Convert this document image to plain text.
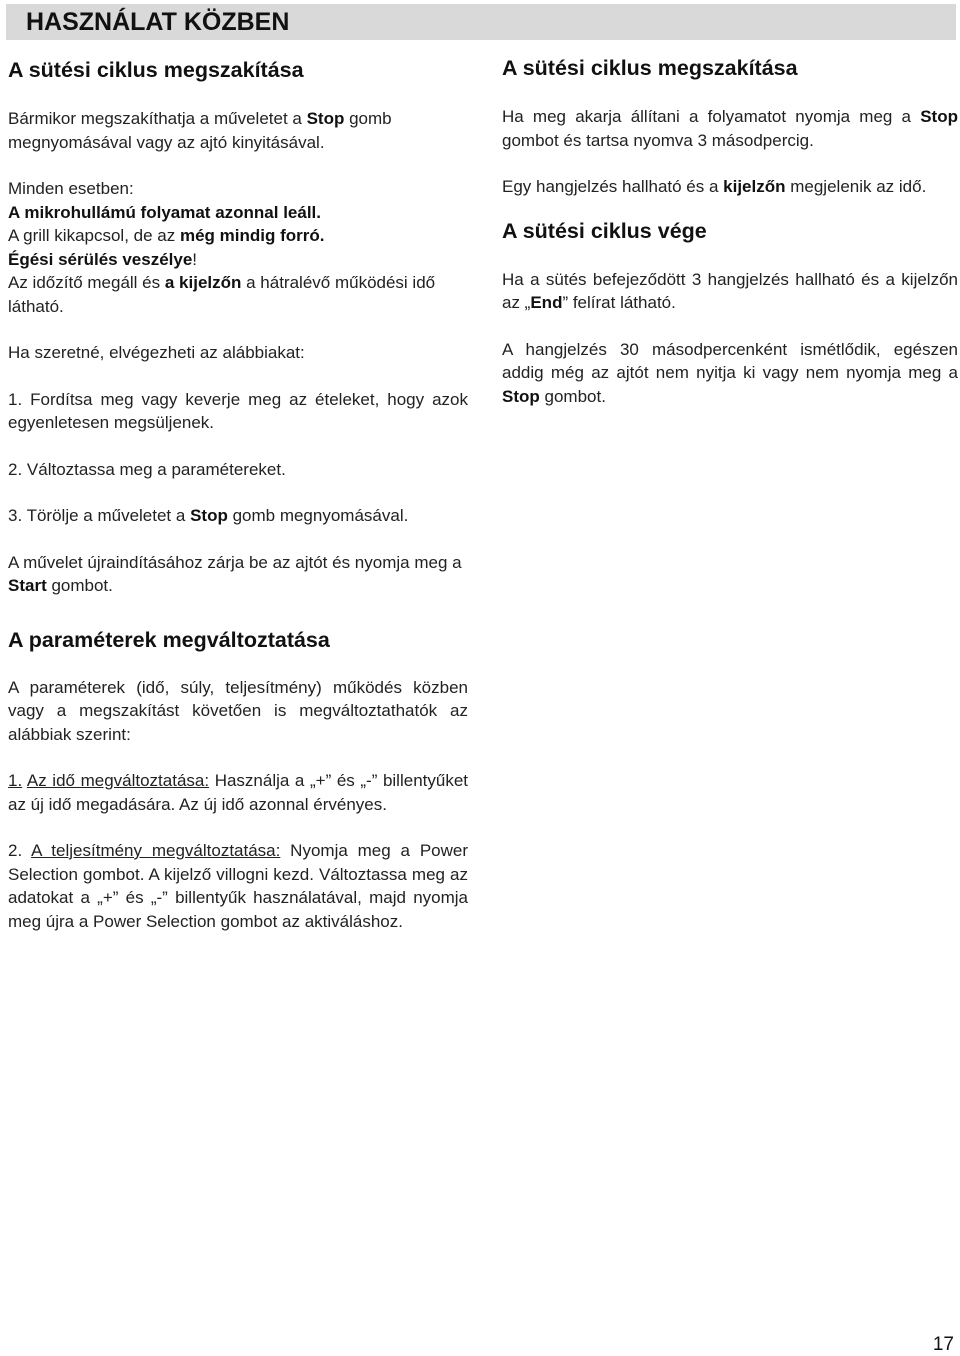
HASZNÁLAT KÖZBEN
A sütési ciklus megszakítása

Bármikor megszakíthatja a műveletet a Stop gomb megnyomásával vagy az ajtó kinyitásával.

Minden esetben:
A mikrohullámú folyamat azonnal leáll.
A grill kikapcsol, de az még mindig forró.
Égési sérülés veszélye!
Az időzítő megáll és a kijelzőn a hátralévő működési idő látható.

Ha szeretné, elvégezheti az alábbiakat:

1. Fordítsa meg vagy keverje meg az ételeket, hogy azok egyenletesen megsüljenek.

2. Változtassa meg a paramétereket.

3. Törölje a műveletet a Stop gomb megnyomásával.

A művelet újraindításához zárja be az ajtót és nyomja meg a Start gombot.

A paraméterek megváltoztatása

A paraméterek (idő, súly, teljesítmény) működés közben vagy a megszakítást követően is megváltoztathatók az alábbiak szerint:

1. Az idő megváltoztatása: Használja a „+” és „-” billentyűket az új idő megadására. Az új idő azonnal érvényes.

2. A teljesítmény megváltoztatása: Nyomja meg a Power Selection gombot. A kijelző villogni kezd. Változtassa meg az adatokat a „+” és „-” billentyűk használatával, majd nyomja meg újra a Power Selection gombot az aktiváláshoz.

A sütési ciklus megszakítása

Ha meg akarja állítani a folyamatot nyomja meg a Stop gombot és tartsa nyomva 3 másodpercig.

Egy hangjelzés hallható és a kijelzőn megjelenik az idő.

A sütési ciklus vége

Ha a sütés befejeződött 3 hangjelzés hallható és a kijelzőn az „End” felírat látható.

A hangjelzés 30 másodpercenként ismétlődik, egészen addig még az ajtót nem nyitja ki vagy nem nyomja meg a Stop gombot.

17
